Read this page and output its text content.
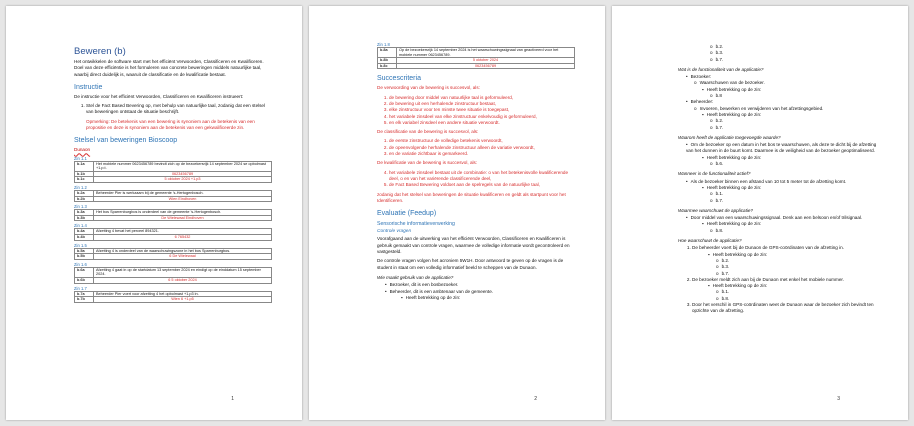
Beweren (b)

Het ontwikkelen de software start met het efficiënt Verwoorden, Classificeren en Kwalificeren. Doel van deze efficiëntie is het formuleren van concrete beweringen middels natuurlijke taal, waarbij direct duidelijk is, waaruit de classificatie en de kwalificatie bestaat.

Instructie

De instructie voor het efficiënt Verwoorden, Classificeren en Kwalificeren instrueert:

1. Stel de Fact Based Bevering op, met behulp van natuurlijke taal, zodanig dat een stelsel van beweringen ontstaat de situatie beschrijft.

Opmerking: De betekenis van een bewering is synoniem aan de betekenis van een propositie en deze is synoniem aan de betekenis van een gekwalificeerde zin.

Stelsel van beweringen Bioscoop
Dunaon
Zin 1.1
b.1a	Het mobiele nummer 0623456789 bevindt zich op de bezoekersrijk 14 september 2024 se opbolmast +1.p.t.
b.1b	0623456789
b.1c	5 oktober 2024 +1.p3
Zin 1.2
b.2a	Beheerder Pier is werkzaam bij de gemeente 's-Hertogenbosch.
b.2b	Wien Eindhoven
Zin 1.3
b.3a	Het bos Sparrenburgbos is onderdeel van de gemeente 's-Hertogenbosch.
b.3b	De Wielewaal Eindhoven
Zin 1.4
b.4a	Afzetting 4 bevat het perceel 894321.
b.4b	6 765432
Zin 1.5
b.5a	Afzetting 4 is onderdeel van de waarschuwingszone in het bos Sparrenburgbos.
b.5b	6 De Wielewaal
Zin 1.6
b.6a	Afzetting 4 gaat in op de startdatum 13 september 2024 en eindigt op de einddatum 15 september 2024.
b.6b	6 5 oktober 2024
Zin 1.7
b.7a	Beheerder Pier voert voor afzetting 4 het opbolmast +1.p3 in.
b.7b	Wien 6 +1.p5
1
Zin 1.8
b.8a	Op de bezoekersrijk 14 september 2024 is het waarschuwingssignaal van geactiveerd voor het mobiele nummer 0623456789.
b.8b	5 oktober 2024
b.8c	0623456789
Succescriteria

De verwoording van de bewering is succesvol, als:

1. de bewering door middel van natuurlijke taal is geformuleerd,
2. de bewering uit een herhalende zinstructuur bestaat,
3. elke zinstructuur voor ten minste twee situatie is toegepast,
4. het variabele zinsdeel van elke zinstructuur enkelvoudig is geformuleerd,
5. en elk variabel zinsdeel een andere situatie verwoordt.

De classificatie van de bewering is succesvol, als:

1. de eerste zinstructuur de volledige betekenis verwoordt,
2. de opeenvolgende herhalende zinstructuur alleen de variatie verwoordt,
3. en de variatie zichtbaar is gemarkeerd.

De kwalificatie van de bewering is succesvol, als:

4. het variabele zinsdeel bestaat uit de combinatie: o van het betekenisvolle kwalificerende deel, o en van het variërende classificerende deel,
5. de Fact Based Bewering voldoet aan de spelregels van de natuurlijke taal,

zodanig dat het stelsel van beweringen de situatie kwalificeren en geldt als startpunt voor het Identificeren.

Evaluatie (Feedup)
Sensorische informatieverwerking
Controle vragen

Voorafgaand aan de uitwerking van het efficiënt Verwoorden, Classificeren en Kwalificeren is gebruik gemaakt van controle vragen, waarmee de volledige informatie wordt gecontroleerd en vastgesteld.

De controle vragen volgen het acroniem 5W1H. Door antwoord te geven op de vragen is de student in staat om een volledig informatief beeld te scheppen van de Dunaon.

Wie maakt gebruik van de applicatie?
• Bezoeker, dit is een bosbezoeker.
• Beheerder, dit is een ambtenaar van de gemeente.
▪ Heeft betrekking op de zin:
2
o b.2.
o b.3.
o b.7.
Wat is de functionaliteit van de applicatie?
• Bezoeker:
o Waarschuwen van de bezoeker.
▪ Heeft betrekking op de zin:
o b.8
• Beheerder:
o Invoeren, bewerken en verwijderen van het afzettingsgebied.
▪ Heeft betrekking op de zin:
o b.2.
o b.7.
Waarom heeft de applicatie toegevoegde waarde?
• Om de bezoeker op een datum in het bos te waarschuwen, als deze te dicht bij de afzetting van het dunnen in de buurt komt. Daarmee is de veiligheid van de bezoeker geoptimaliseerd.
▪ Heeft betrekking op de zin:
o b.6.
Wanneer is de functionaliteit actief?
• Als de bezoeker binnen een afstand van 10 tot 5 meter tot de afzetting komt.
▪ Heeft betrekking op de zin:
o b.1.
o b.7.
Waarmee waarschuwt de applicatie?
• Door middel van een waarschuwingssignaal. Denk aan een belsoon en/of trilsignaal.
▪ Heeft betrekking op de zin:
o b.8.
Hoe waarschuwt de applicatie?
1. De beheerder voert bij de Dunaon de GPS-coördinaten van de afzetting in.
▪ Heeft betrekking op de zin:
o b.2.
o b.3.
o b.7.
2. De bezoeker meldt zich aan bij de Dunaon met enkel het mobiele nummer.
▪ Heeft betrekking op de zin:
o b.1.
o b.8.
3. Door het verschil in GPS-coördinaten weet de Dunaon waar de bezoeker zich bevindt ten opzichte van de afzetting.
3
